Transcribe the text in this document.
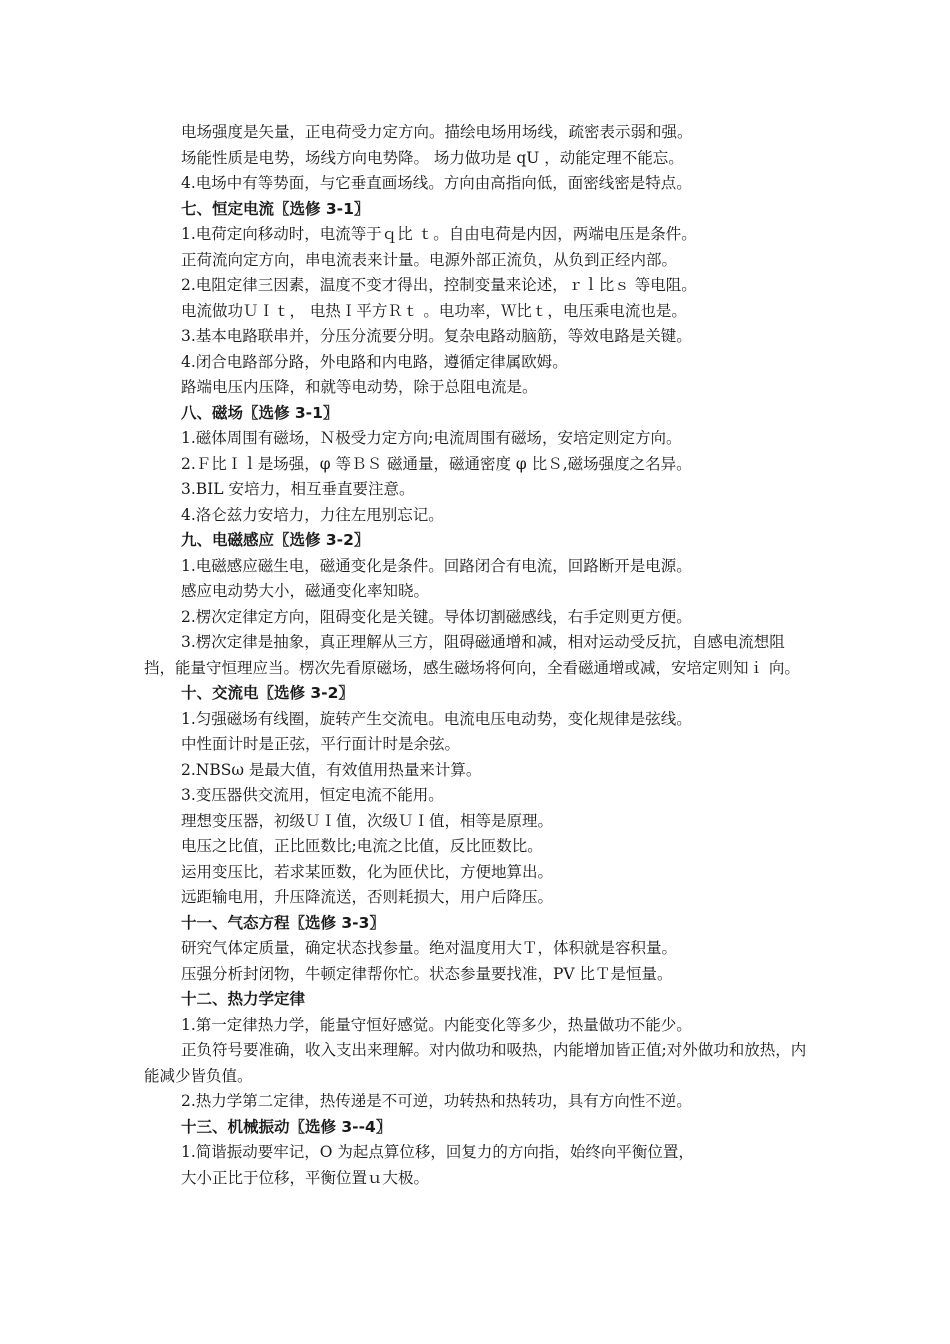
电场强度是矢量，正电荷受力定方向。描绘电场用场线，疏密表示弱和强。
场能性质是电势，场线方向电势降。 场力做功是 qU ，动能定理不能忘。
4.电场中有等势面，与它垂直画场线。方向由高指向低，面密线密是特点。
七、恒定电流〖选修 3-1〗
1.电荷定向移动时，电流等于ｑ比 ｔ。自由电荷是内因，两端电压是条件。
正荷流向定方向，串电流表来计量。电源外部正流负，从负到正经内部。
2.电阻定律三因素，温度不变才得出，控制变量来论述，ｒｌ比ｓ 等电阻。
电流做功ＵＩｔ， 电热Ｉ平方Ｒｔ 。电功率，Ｗ比ｔ，电压乘电流也是。
3.基本电路联串并，分压分流要分明。复杂电路动脑筋，等效电路是关键。
4.闭合电路部分路，外电路和内电路，遵循定律属欧姆。
路端电压内压降，和就等电动势，除于总阻电流是。
八、磁场〖选修 3-1〗
1.磁体周围有磁场，Ｎ极受力定方向;电流周围有磁场，安培定则定方向。
2.Ｆ比Ｉｌ是场强，φ 等ＢＳ 磁通量，磁通密度 φ 比Ｓ,磁场强度之名异。
3.BIL 安培力，相互垂直要注意。
4.洛仑兹力安培力，力往左甩别忘记。
九、电磁感应〖选修 3-2〗
1.电磁感应磁生电，磁通变化是条件。回路闭合有电流，回路断开是电源。
感应电动势大小，磁通变化率知晓。
2.楞次定律定方向，阻碍变化是关键。导体切割磁感线，右手定则更方便。
3.楞次定律是抽象，真正理解从三方，阻碍磁通增和减，相对运动受反抗，自感电流想阻挡，能量守恒理应当。楞次先看原磁场，感生磁场将何向，全看磁通增或减，安培定则知ｉ 向。
十、交流电〖选修 3-2〗
1.匀强磁场有线圈，旋转产生交流电。电流电压电动势，变化规律是弦线。
中性面计时是正弦，平行面计时是余弦。
2.NBSω 是最大值，有效值用热量来计算。
3.变压器供交流用，恒定电流不能用。
理想变压器，初级ＵＩ值，次级ＵＩ值，相等是原理。
电压之比值，正比匝数比;电流之比值，反比匝数比。
运用变压比，若求某匝数，化为匝伏比，方便地算出。
远距输电用，升压降流送，否则耗损大，用户后降压。
十一、气态方程〖选修 3-3〗
研究气体定质量，确定状态找参量。绝对温度用大Ｔ，体积就是容积量。
压强分析封闭物，牛顿定律帮你忙。状态参量要找准，PV 比Ｔ是恒量。
十二、热力学定律
1.第一定律热力学，能量守恒好感觉。内能变化等多少，热量做功不能少。
正负符号要准确，收入支出来理解。对内做功和吸热，内能增加皆正值;对外做功和放热，内能减少皆负值。
2.热力学第二定律，热传递是不可逆，功转热和热转功，具有方向性不逆。
十三、机械振动〖选修 3--4〗
1.简谐振动要牢记，O 为起点算位移，回复力的方向指，始终向平衡位置，
大小正比于位移，平衡位置ｕ大极。
